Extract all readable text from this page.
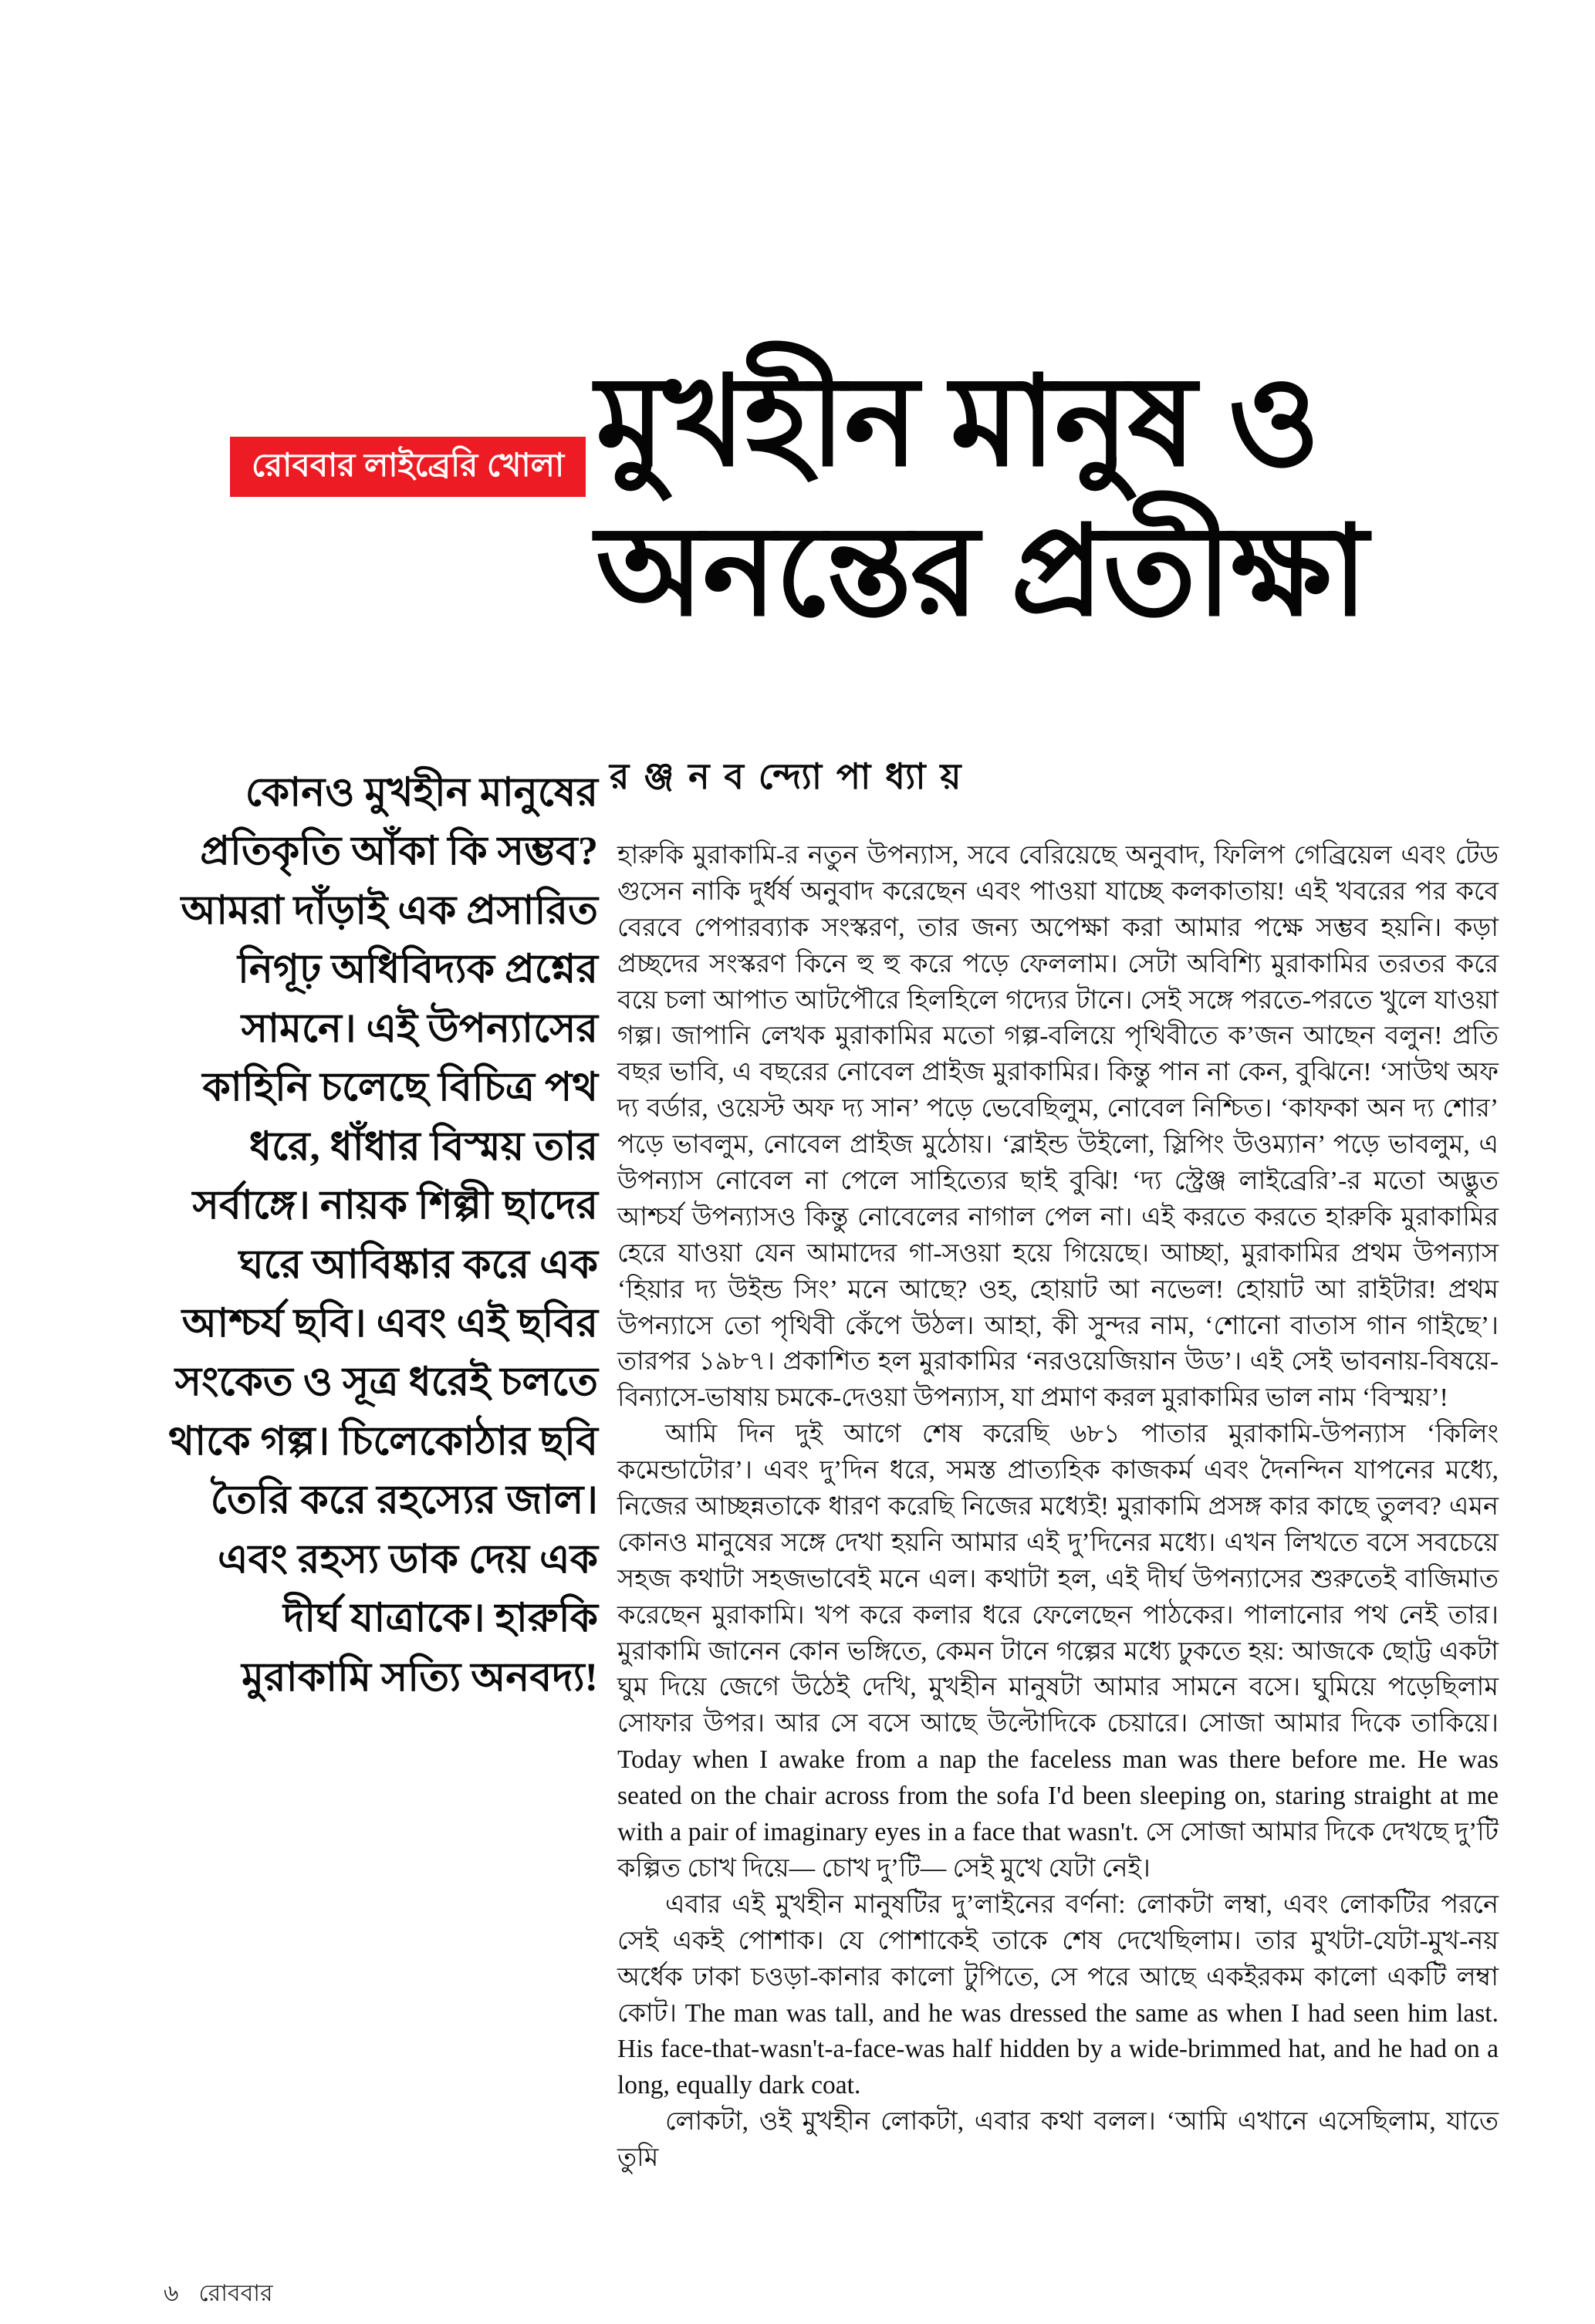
রোববার লাইব্রেরি খোলা মুখহীন মানুষ ও
অনন্তের প্রতীক্ষা
র ঞ্জ ন ব ন্দ্যো পা ধ্যা য়
কোনও মুখহীন মানুষের প্রতিকৃতি আঁকা কি সম্ভব? আমরা দাঁড়াই এক প্রসারিত নিগূঢ় অধিবিদ্যক প্রশ্নের সামনে। এই উপন্যাসের কাহিনি চলেছে বিচিত্র পথ ধরে, ধাঁধার বিস্ময় তার সর্বাঙ্গে। নায়ক শিল্পী ছাদের ঘরে আবিষ্কার করে এক আশ্চর্য ছবি। এবং এই ছবির সংকেত ও সূত্র ধরেই চলতে থাকে গল্প। চিলেকোঠার ছবি তৈরি করে রহস্যের জাল। এবং রহস্য ডাক দেয় এক দীর্ঘ যাত্রাকে। হারুকি মুরাকামি সত্যি অনবদ্য!

হারুকি মুরাকামি-র নতুন উপন্যাস, সবে বেরিয়েছে অনুবাদ, ফিলিপ গেব্রিয়েল এবং টেড গুসেন নাকি দুর্ধর্ষ অনুবাদ করেছেন এবং পাওয়া যাচ্ছে কলকাতায়! এই খবরের পর কবে বেরবে পেপারব্যাক সংস্করণ, তার জন্য অপেক্ষা করা আমার পক্ষে সম্ভব হয়নি। কড়া প্রচ্ছদের সংস্করণ কিনে হু হু করে পড়ে ফেললাম। সেটা অবিশ্যি মুরাকামির তরতর করে বয়ে চলা আপাত আটপৌরে হিলহিলে গদ্যের টানে। সেই সঙ্গে পরতে-পরতে খুলে যাওয়া গল্প। জাপানি লেখক মুরাকামির মতো গল্প-বলিয়ে পৃথিবীতে ক’জন আছেন বলুন! প্রতি বছর ভাবি, এ বছরের নোবেল প্রাইজ মুরাকামির। কিন্তু পান না কেন, বুঝিনে! ‘সাউথ অফ দ্য বর্ডার, ওয়েস্ট অফ দ্য সান’ পড়ে ভেবেছিলুম, নোবেল নিশ্চিত। ‘কাফকা অন দ্য শোর’ পড়ে ভাবলুম, নোবেল প্রাইজ মুঠোয়। ‘ব্লাইন্ড উইলো, স্লিপিং উওম্যান’ পড়ে ভাবলুম, এ উপন্যাস নোবেল না পেলে সাহিত্যের ছাই বুঝি! ‘দ্য স্ট্রেঞ্জ লাইব্রেরি’-র মতো অদ্ভুত আশ্চর্য উপন্যাসও কিন্তু নোবেলের নাগাল পেল না। এই করতে করতে হারুকি মুরাকামির হেরে যাওয়া যেন আমাদের গা-সওয়া হয়ে গিয়েছে। আচ্ছা, মুরাকামির প্রথম উপন্যাস ‘হিয়ার দ্য উইন্ড সিং’ মনে আছে? ওহ, হোয়াট আ নভেল! হোয়াট আ রাইটার! প্রথম উপন্যাসে তো পৃথিবী কেঁপে উঠল। আহা, কী সুন্দর নাম, ‘শোনো বাতাস গান গাইছে’। তারপর ১৯৮৭। প্রকাশিত হল মুরাকামির ‘নরওয়েজিয়ান উড’। এই সেই ভাবনায়-বিষয়ে-বিন্যাসে-ভাষায় চমকে-দেওয়া উপন্যাস, যা প্রমাণ করল মুরাকামির ভাল নাম ‘বিস্ময়’!

আমি দিন দুই আগে শেষ করেছি ৬৮১ পাতার মুরাকামি-উপন্যাস ‘কিলিং কমেন্ডাটোর’। এবং দু’দিন ধরে, সমস্ত প্রাত্যহিক কাজকর্ম এবং দৈনন্দিন যাপনের মধ্যে, নিজের আচ্ছন্নতাকে ধারণ করেছি নিজের মধ্যেই! মুরাকামি প্রসঙ্গ কার কাছে তুলব? এমন কোনও মানুষের সঙ্গে দেখা হয়নি আমার এই দু’দিনের মধ্যে। এখন লিখতে বসে সবচেয়ে সহজ কথাটা সহজভাবেই মনে এল। কথাটা হল, এই দীর্ঘ উপন্যাসের শুরুতেই বাজিমাত করেছেন মুরাকামি। খপ করে কলার ধরে ফেলেছেন পাঠকের। পালানোর পথ নেই তার। মুরাকামি জানেন কোন ভঙ্গিতে, কেমন টানে গল্পের মধ্যে ঢুকতে হয়: আজকে ছোট্ট একটা ঘুম দিয়ে জেগে উঠেই দেখি, মুখহীন মানুষটা আমার সামনে বসে। ঘুমিয়ে পড়েছিলাম সোফার উপর। আর সে বসে আছে উল্টোদিকে চেয়ারে। সোজা আমার দিকে তাকিয়ে। Today when I awake from a nap the faceless man was there before me. He was seated on the chair across from the sofa I'd been sleeping on, staring straight at me with a pair of imaginary eyes in a face that wasn't. সে সোজা আমার দিকে দেখছে দু’টি কল্পিত চোখ দিয়ে— চোখ দু’টি— সেই মুখে যেটা নেই।

এবার এই মুখহীন মানুষটির দু’লাইনের বর্ণনা: লোকটা লম্বা, এবং লোকটির পরনে সেই একই পোশাক। যে পোশাকেই তাকে শেষ দেখেছিলাম। তার মুখটা-যেটা-মুখ-নয় অর্ধেক ঢাকা চওড়া-কানার কালো টুপিতে, সে পরে আছে একইরকম কালো একটি লম্বা কোট। The man was tall, and he was dressed the same as when I had seen him last. His face-that-wasn't-a-face-was half hidden by a wide-brimmed hat, and he had on a long, equally dark coat.

লোকটা, ওই মুখহীন লোকটা, এবার কথা বলল। ‘আমি এখানে এসেছিলাম, যাতে তুমি

৬ রোববার
